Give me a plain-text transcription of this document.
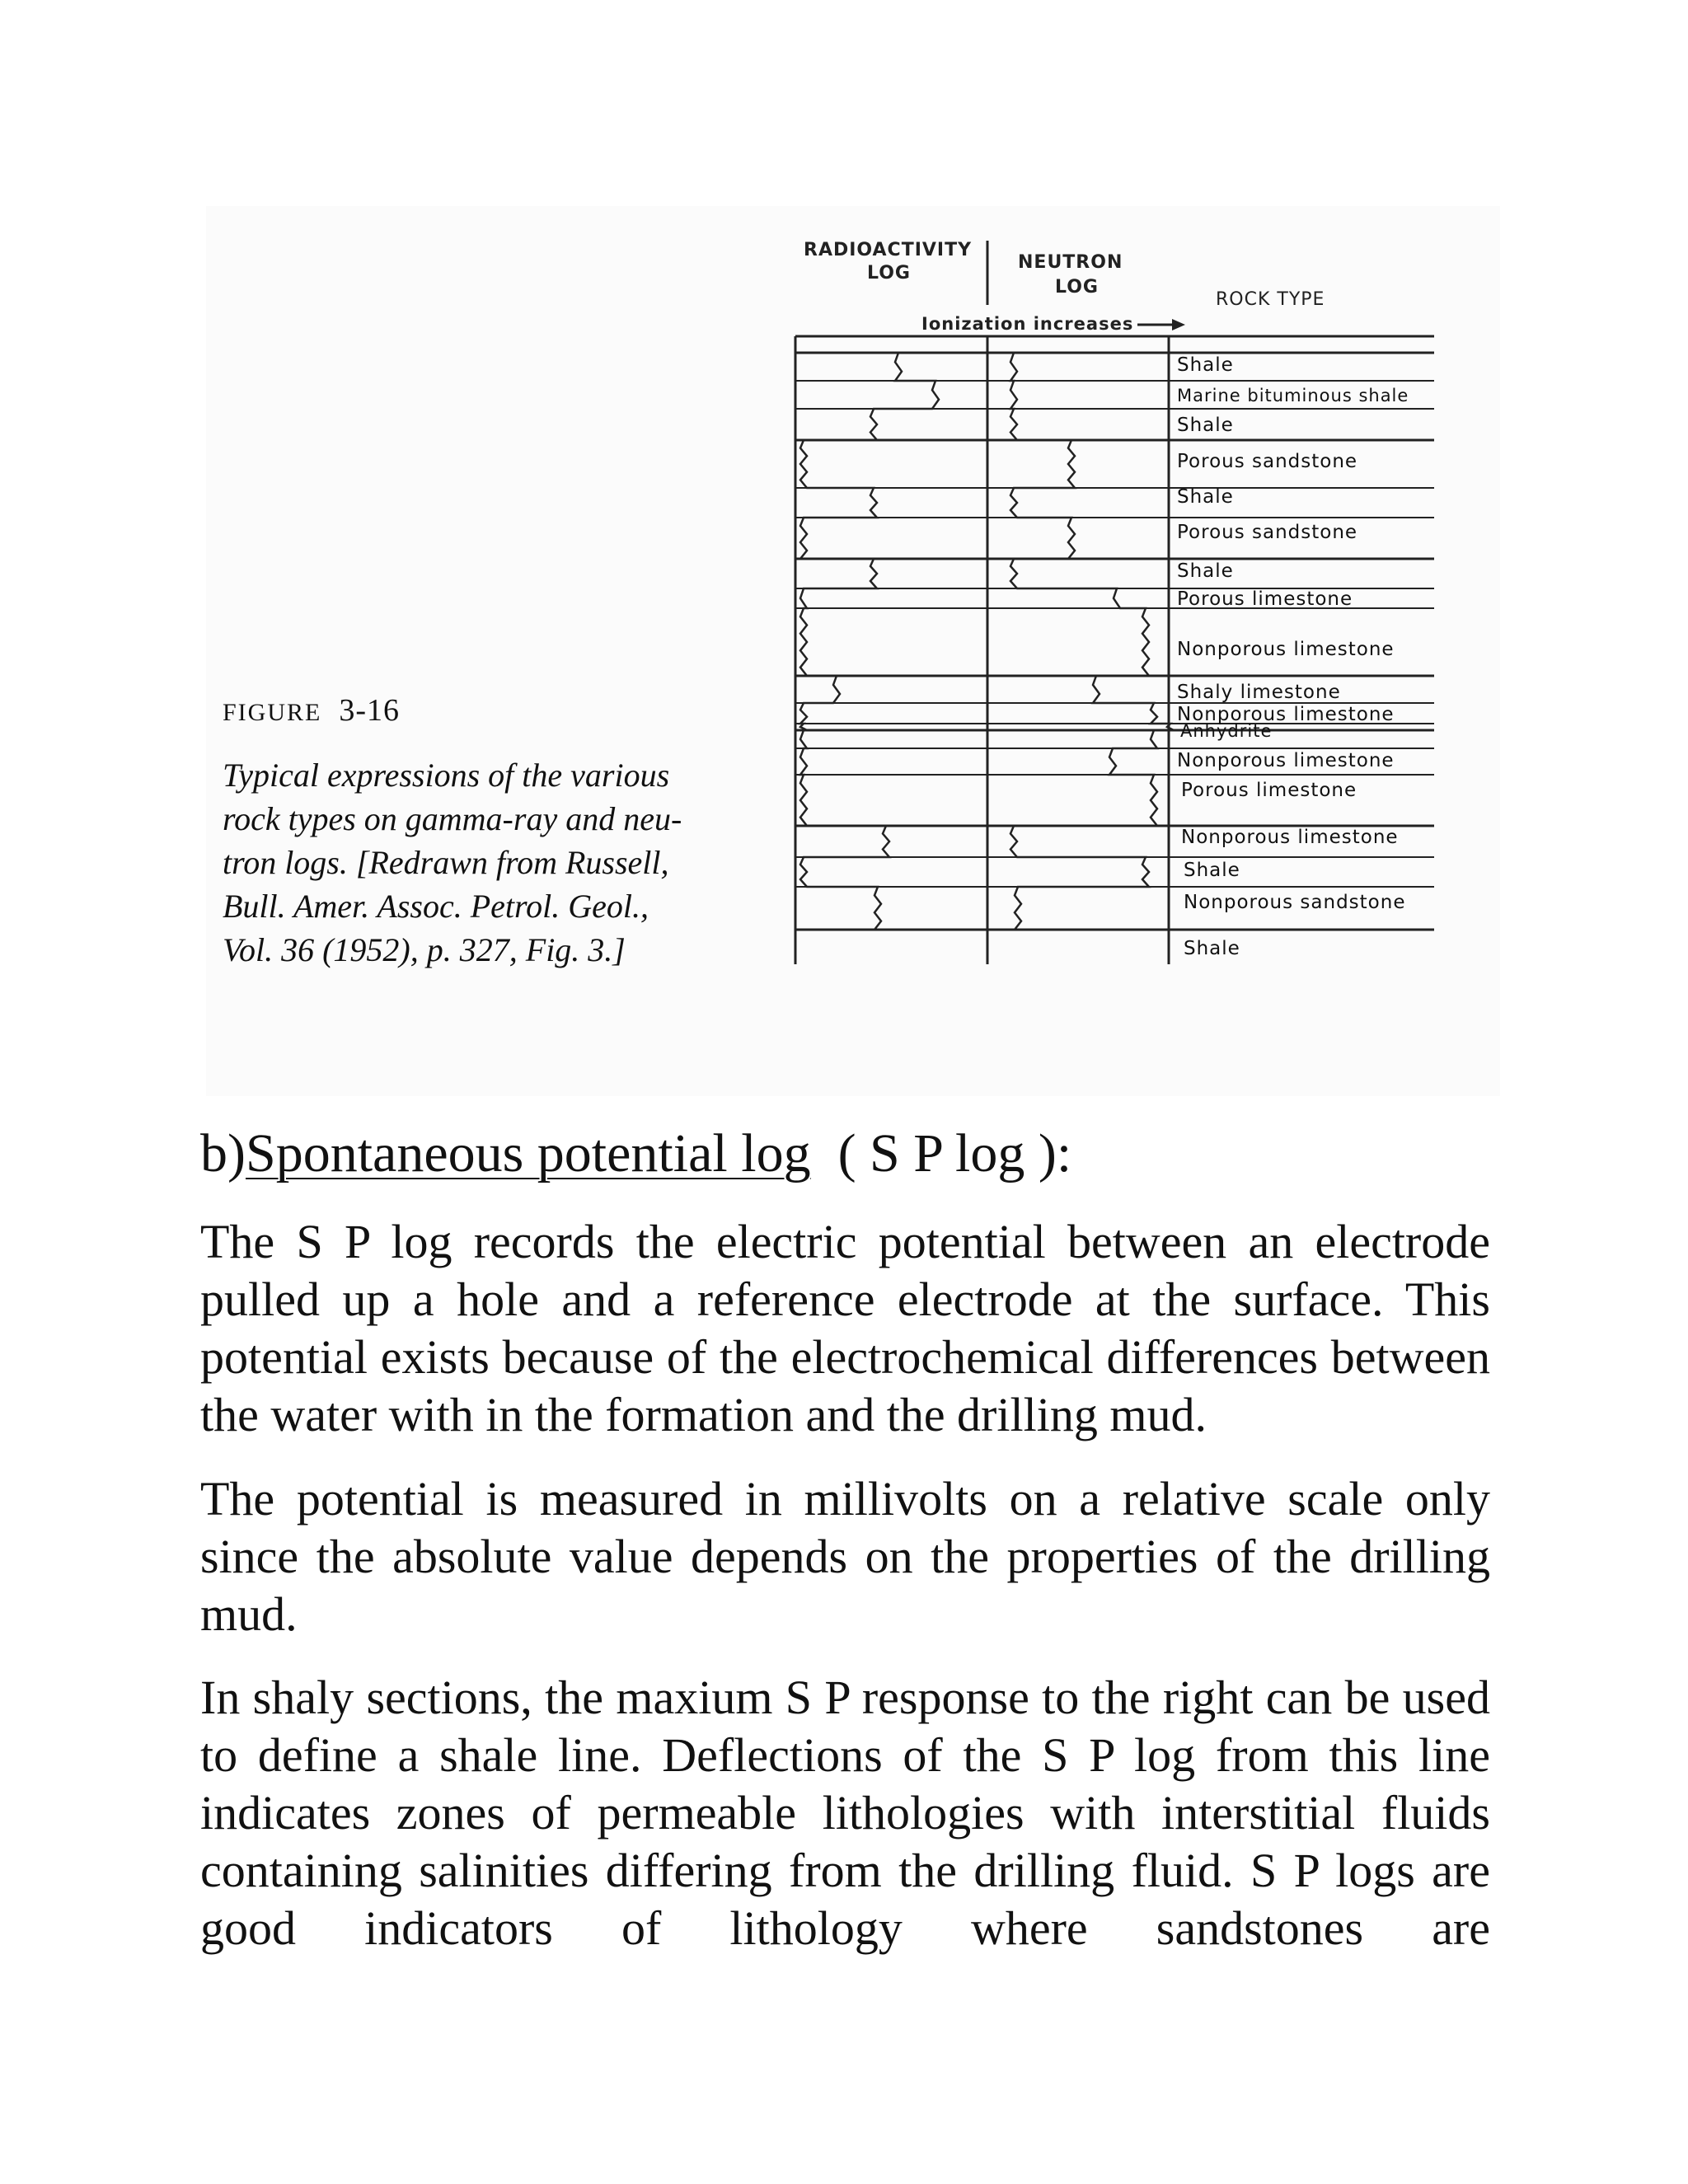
FIGURE 3-16
Typical expressions of the various
rock types on gamma-ray and neu-
tron logs. [Redrawn from Russell,
Bull. Amer. Assoc. Petrol. Geol.,
Vol. 36 (1952), p. 327, Fig. 3.]
RADIOACTIVITY
LOG
NEUTRON
LOG
ROCK TYPE
Ionization increases
Shale
Marine bituminous shale
Shale
Porous sandstone
Shale
Porous sandstone
Shale
Porous limestone
Nonporous limestone
Shaly limestone
Nonporous limestone
Anhydrite
Nonporous limestone
Porous limestone
Nonporous limestone
Shale
Nonporous sandstone
Shale
b)Spontaneous potential log  ( S P log ):

The S P log records the electric potential between an electrode pulled up a hole and a reference electrode at the surface. This potential exists because of the electrochemical differences between the water with in the formation and the drilling mud.

The potential is measured in millivolts on a relative scale only since the absolute value depends on the properties of the drilling mud.

In shaly sections, the maxium S P response to the right can be used to define a shale line. Deflections of the S P log from this line indicates zones of permeable lithologies with interstitial fluids containing salinities differing from the drilling fluid. S P logs are good indicators of lithology where sandstones are
